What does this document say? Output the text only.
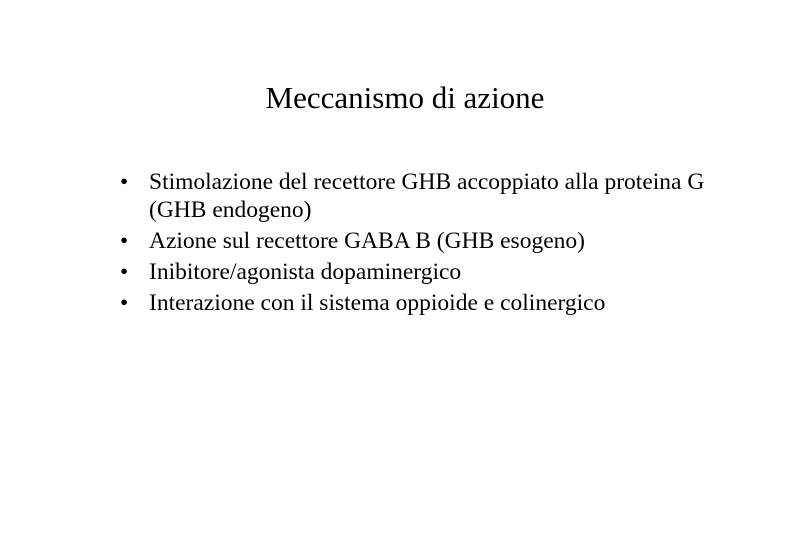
Meccanismo di azione
• Stimolazione del recettore GHB accoppiato alla proteina G (GHB endogeno)
• Azione sul recettore GABA B (GHB esogeno)
• Inibitore/agonista dopaminergico
• Interazione con il sistema oppioide e colinergico
